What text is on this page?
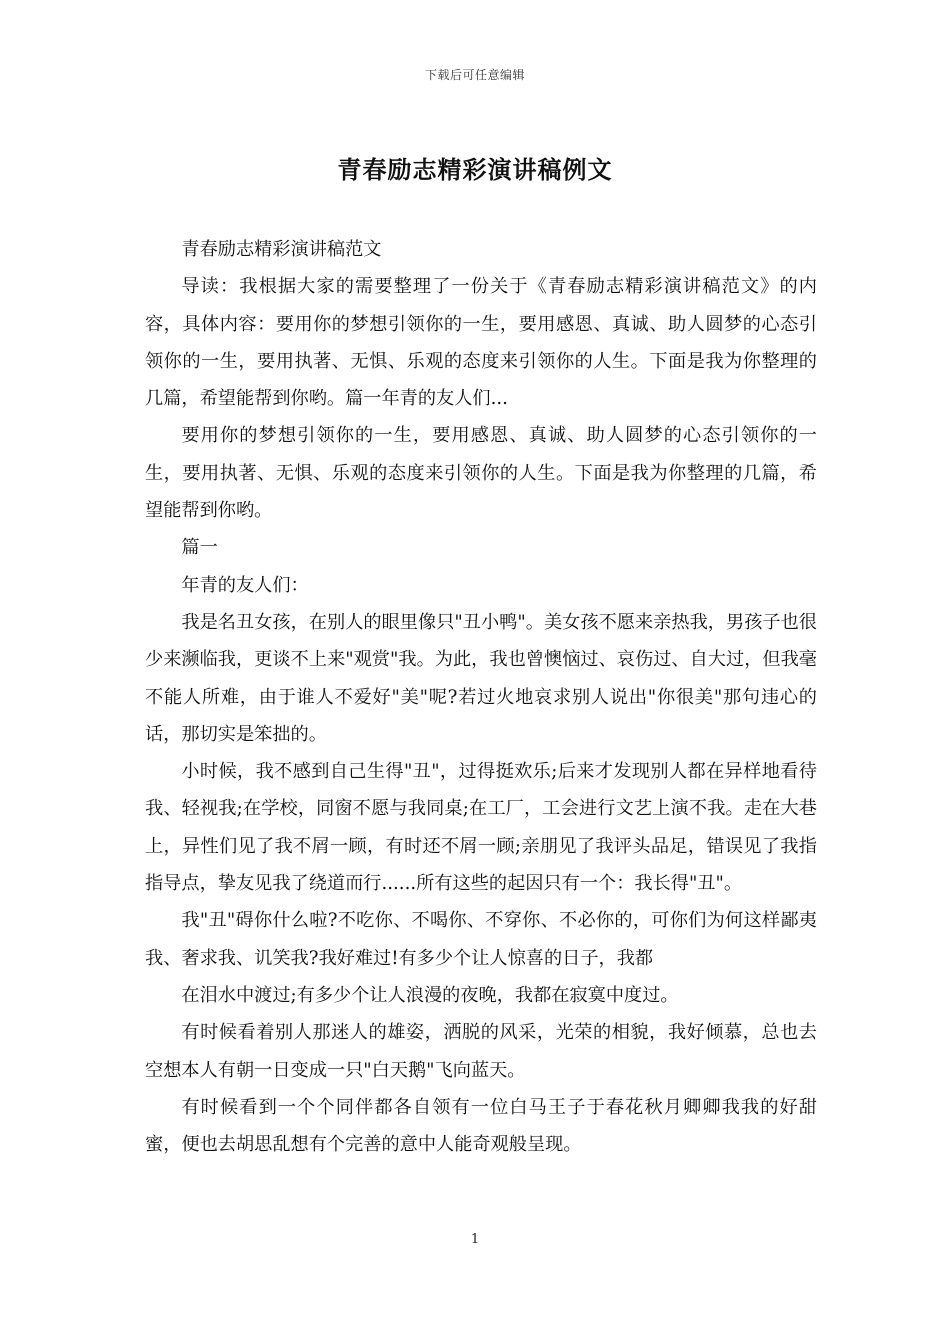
下载后可任意编辑
青春励志精彩演讲稿例文

青春励志精彩演讲稿范文

导读：我根据大家的需要整理了一份关于《青春励志精彩演讲稿范文》的内容，具体内容：要用你的梦想引领你的一生，要用感恩、真诚、助人圆梦的心态引领你的一生，要用执著、无惧、乐观的态度来引领你的人生。下面是我为你整理的几篇，希望能帮到你哟。篇一年青的友人们...

要用你的梦想引领你的一生，要用感恩、真诚、助人圆梦的心态引领你的一生，要用执著、无惧、乐观的态度来引领你的人生。下面是我为你整理的几篇，希望能帮到你哟。

篇一

年青的友人们：

我是名丑女孩，在别人的眼里像只"丑小鸭"。美女孩不愿来亲热我，男孩子也很少来濒临我，更谈不上来"观赏"我。为此，我也曾懊恼过、哀伤过、自大过，但我毫不能人所难，由于谁人不爱好"美"呢?若过火地哀求别人说出"你很美"那句违心的话，那切实是笨拙的。

小时候，我不感到自己生得"丑"，过得挺欢乐;后来才发现别人都在异样地看待我、轻视我;在学校，同窗不愿与我同桌;在工厂，工会进行文艺上演不我。走在大巷上，异性们见了我不屑一顾，有时还不屑一顾;亲朋见了我评头品足，错误见了我指指导点，挚友见我了绕道而行......所有这些的起因只有一个：我长得"丑"。

我"丑"碍你什么啦?不吃你、不喝你、不穿你、不必你的，可你们为何这样鄙夷我、奢求我、讥笑我?我好难过!有多少个让人惊喜的日子，我都

在泪水中渡过;有多少个让人浪漫的夜晚，我都在寂寞中度过。

有时候看着别人那迷人的雄姿，洒脱的风采，光荣的相貌，我好倾慕，总也去空想本人有朝一日变成一只"白天鹅"飞向蓝天。

有时候看到一个个同伴都各自领有一位白马王子于春花秋月卿卿我我的好甜蜜，便也去胡思乱想有个完善的意中人能奇观般呈现。

1
